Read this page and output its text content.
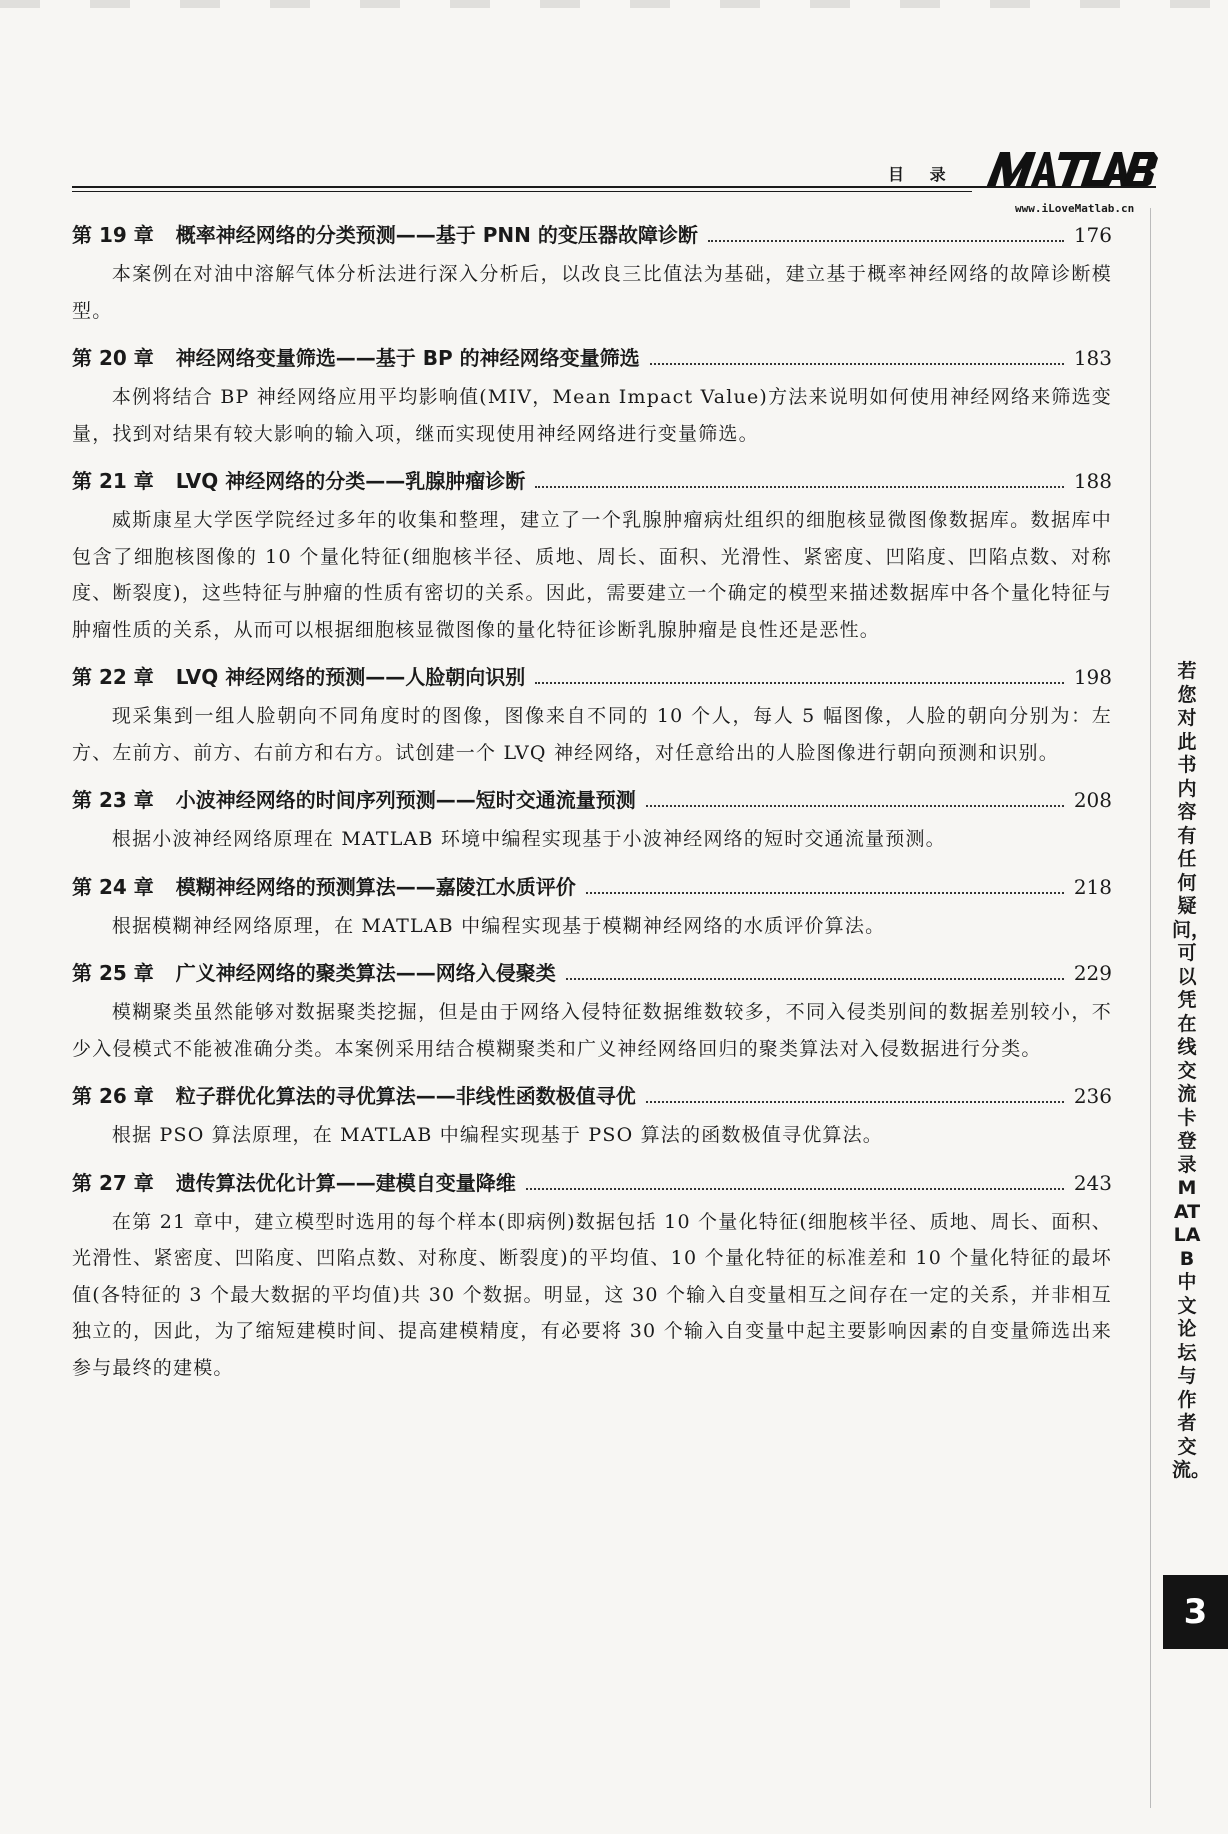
目 录
www.iLoveMatlab.cn
第 19 章 概率神经网络的分类预测——基于 PNN 的变压器故障诊断	176
本案例在对油中溶解气体分析法进行深入分析后，以改良三比值法为基础，建立基于概率神经网络的故障诊断模型。
第 20 章 神经网络变量筛选——基于 BP 的神经网络变量筛选	183
本例将结合 BP 神经网络应用平均影响值(MIV，Mean Impact Value)方法来说明如何使用神经网络来筛选变量，找到对结果有较大影响的输入项，继而实现使用神经网络进行变量筛选。
第 21 章 LVQ 神经网络的分类——乳腺肿瘤诊断	188
威斯康星大学医学院经过多年的收集和整理，建立了一个乳腺肿瘤病灶组织的细胞核显微图像数据库。数据库中包含了细胞核图像的 10 个量化特征(细胞核半径、质地、周长、面积、光滑性、紧密度、凹陷度、凹陷点数、对称度、断裂度)，这些特征与肿瘤的性质有密切的关系。因此，需要建立一个确定的模型来描述数据库中各个量化特征与肿瘤性质的关系，从而可以根据细胞核显微图像的量化特征诊断乳腺肿瘤是良性还是恶性。
第 22 章 LVQ 神经网络的预测——人脸朝向识别	198
现采集到一组人脸朝向不同角度时的图像，图像来自不同的 10 个人，每人 5 幅图像，人脸的朝向分别为：左方、左前方、前方、右前方和右方。试创建一个 LVQ 神经网络，对任意给出的人脸图像进行朝向预测和识别。
第 23 章 小波神经网络的时间序列预测——短时交通流量预测	208
根据小波神经网络原理在 MATLAB 环境中编程实现基于小波神经网络的短时交通流量预测。
第 24 章 模糊神经网络的预测算法——嘉陵江水质评价	218
根据模糊神经网络原理，在 MATLAB 中编程实现基于模糊神经网络的水质评价算法。
第 25 章 广义神经网络的聚类算法——网络入侵聚类	229
模糊聚类虽然能够对数据聚类挖掘，但是由于网络入侵特征数据维数较多，不同入侵类别间的数据差别较小，不少入侵模式不能被准确分类。本案例采用结合模糊聚类和广义神经网络回归的聚类算法对入侵数据进行分类。
第 26 章 粒子群优化算法的寻优算法——非线性函数极值寻优	236
根据 PSO 算法原理，在 MATLAB 中编程实现基于 PSO 算法的函数极值寻优算法。
第 27 章 遗传算法优化计算——建模自变量降维	243
在第 21 章中，建立模型时选用的每个样本(即病例)数据包括 10 个量化特征(细胞核半径、质地、周长、面积、光滑性、紧密度、凹陷度、凹陷点数、对称度、断裂度)的平均值、10 个量化特征的标准差和 10 个量化特征的最坏值(各特征的 3 个最大数据的平均值)共 30 个数据。明显，这 30 个输入自变量相互之间存在一定的关系，并非相互独立的，因此，为了缩短建模时间、提高建模精度，有必要将 30 个输入自变量中起主要影响因素的自变量筛选出来参与最终的建模。
若您对此书内容有任何疑问，可以凭在线交流卡登录MATLAB中文论坛与作者交流。
3
